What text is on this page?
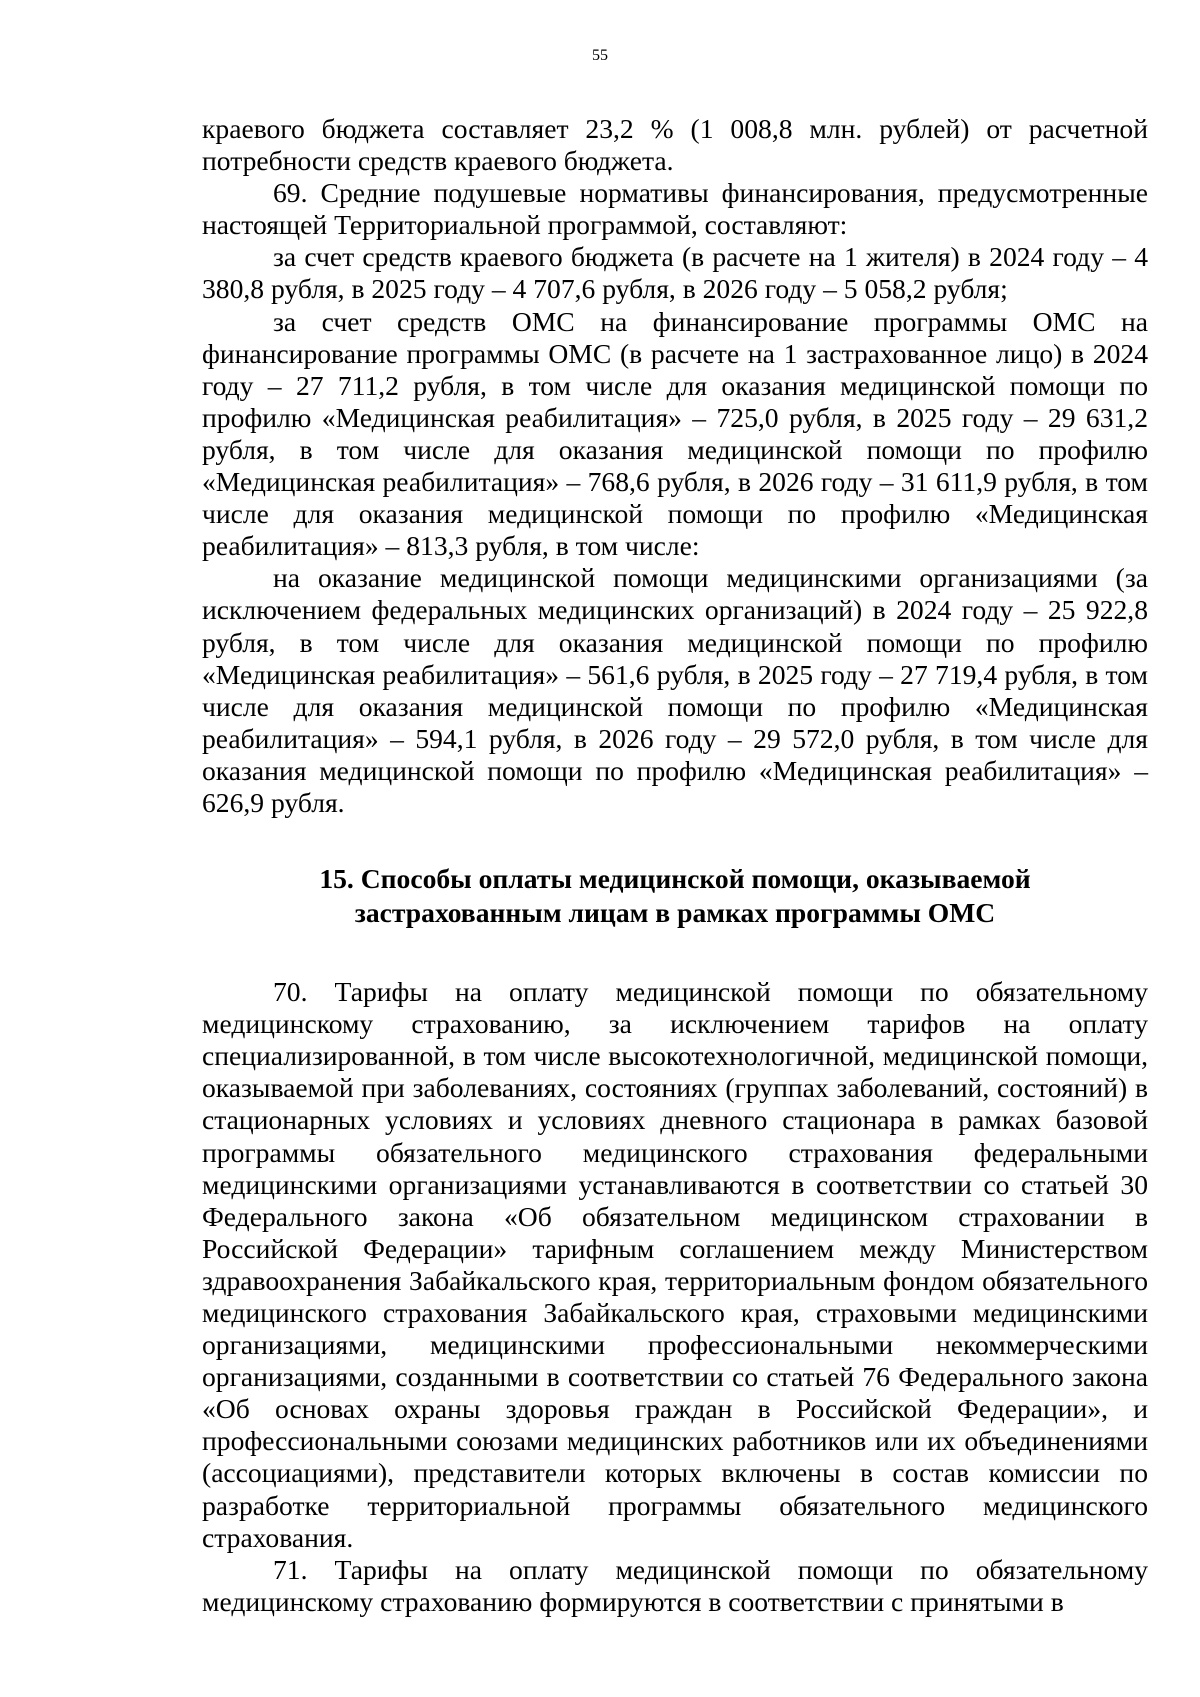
55

краевого бюджета составляет 23,2 % (1 008,8 млн. рублей) от расчетной потребности средств краевого бюджета.

69. Средние подушевые нормативы финансирования, предусмотренные настоящей Территориальной программой, составляют:

за счет средств краевого бюджета (в расчете на 1 жителя) в 2024 году – 4 380,8 рубля, в 2025 году – 4 707,6 рубля, в 2026 году – 5 058,2 рубля;

за счет средств ОМС на финансирование программы ОМС на финансирование программы ОМС (в расчете на 1 застрахованное лицо) в 2024 году – 27 711,2 рубля, в том числе для оказания медицинской помощи по профилю «Медицинская реабилитация» – 725,0 рубля, в 2025 году – 29 631,2 рубля, в том числе для оказания медицинской помощи по профилю «Медицинская реабилитация» – 768,6 рубля, в 2026 году – 31 611,9 рубля, в том числе для оказания медицинской помощи по профилю «Медицинская реабилитация» – 813,3 рубля, в том числе:

на оказание медицинской помощи медицинскими организациями (за исключением федеральных медицинских организаций) в 2024 году – 25 922,8 рубля, в том числе для оказания медицинской помощи по профилю «Медицинская реабилитация» – 561,6 рубля, в 2025 году – 27 719,4 рубля, в том числе для оказания медицинской помощи по профилю «Медицинская реабилитация» – 594,1 рубля, в 2026 году – 29 572,0 рубля, в том числе для оказания медицинской помощи по профилю «Медицинская реабилитация» – 626,9 рубля.

15. Способы оплаты медицинской помощи, оказываемой
застрахованным лицам в рамках программы ОМС

70. Тарифы на оплату медицинской помощи по обязательному медицинскому страхованию, за исключением тарифов на оплату специализированной, в том числе высокотехнологичной, медицинской помощи, оказываемой при заболеваниях, состояниях (группах заболеваний, состояний) в стационарных условиях и условиях дневного стационара в рамках базовой программы обязательного медицинского страхования федеральными медицинскими организациями устанавливаются в соответствии со статьей 30 Федерального закона «Об обязательном медицинском страховании в Российской Федерации» тарифным соглашением между Министерством здравоохранения Забайкальского края, территориальным фондом обязательного медицинского страхования Забайкальского края, страховыми медицинскими организациями, медицинскими профессиональными некоммерческими организациями, созданными в соответствии со статьей 76 Федерального закона «Об основах охраны здоровья граждан в Российской Федерации», и профессиональными союзами медицинских работников или их объединениями (ассоциациями), представители которых включены в состав комиссии по разработке территориальной программы обязательного медицинского страхования.

71. Тарифы на оплату медицинской помощи по обязательному медицинскому страхованию формируются в соответствии с принятыми в
